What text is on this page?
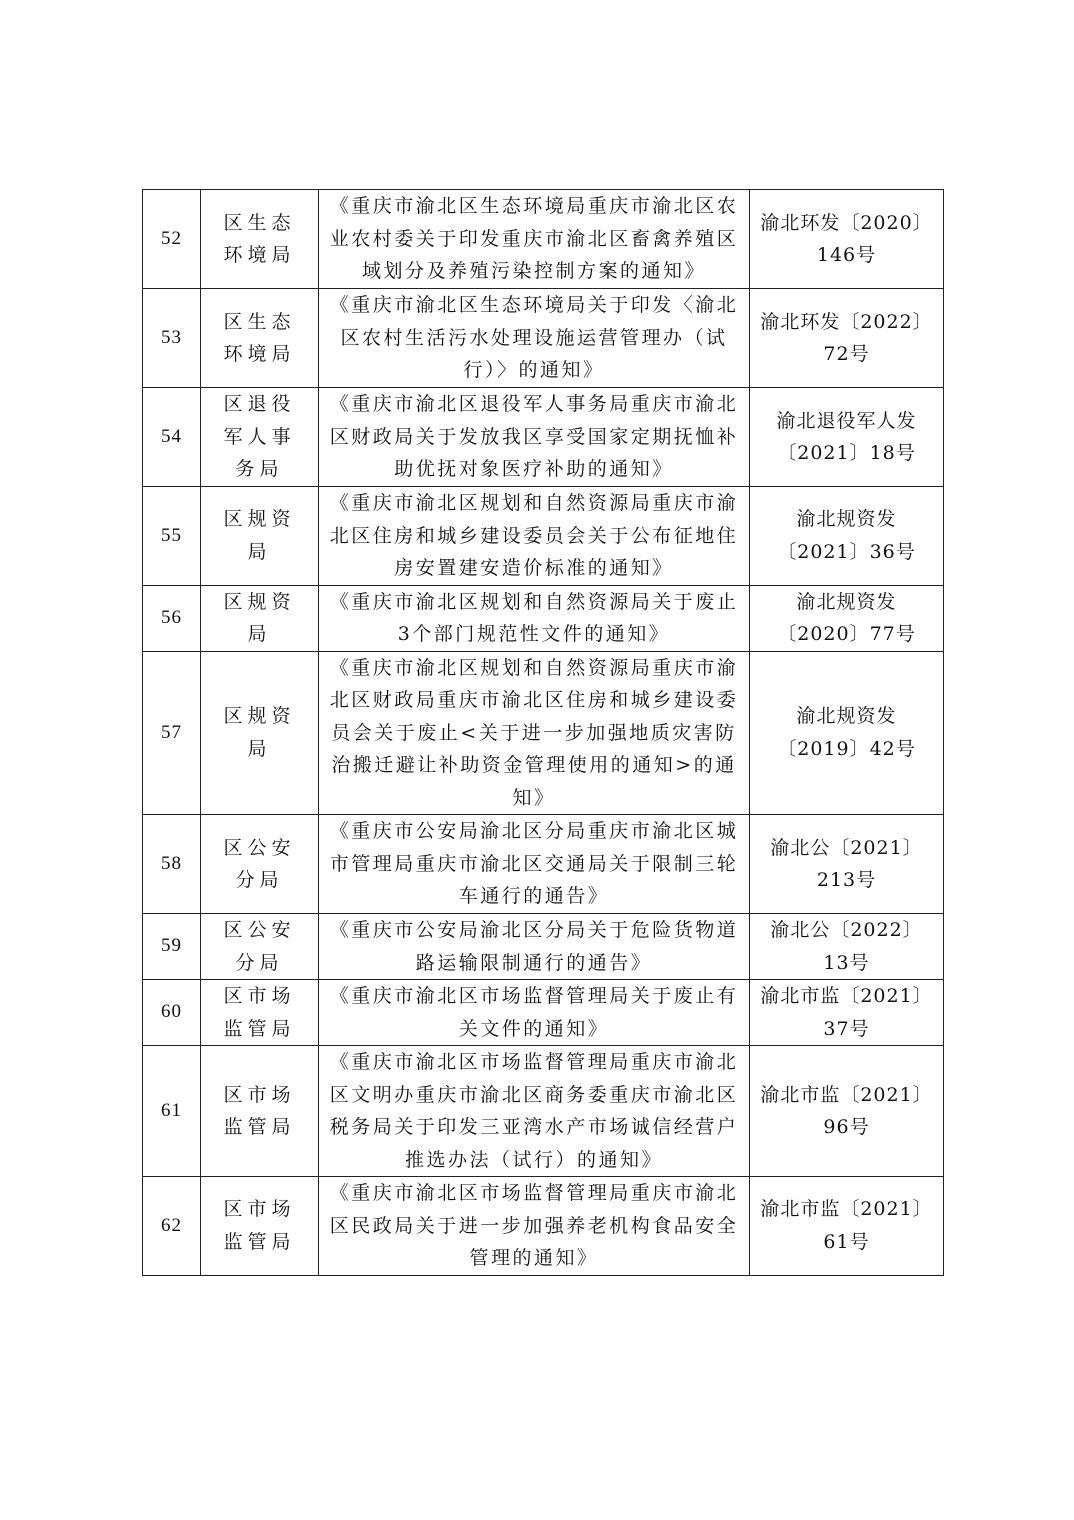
52	区生态环境局	《重庆市渝北区生态环境局重庆市渝北区农业农村委关于印发重庆市渝北区畜禽养殖区域划分及养殖污染控制方案的通知》	渝北环发〔2020〕146号
53	区生态环境局	《重庆市渝北区生态环境局关于印发〈渝北区农村生活污水处理设施运营管理办（试行）〉的通知》	渝北环发〔2022〕72号
54	区退役军人事务局	《重庆市渝北区退役军人事务局重庆市渝北区财政局关于发放我区享受国家定期抚恤补助优抚对象医疗补助的通知》	渝北退役军人发〔2021〕18号
55	区规资局	《重庆市渝北区规划和自然资源局重庆市渝北区住房和城乡建设委员会关于公布征地住房安置建安造价标准的通知》	渝北规资发〔2021〕36号
56	区规资局	《重庆市渝北区规划和自然资源局关于废止3个部门规范性文件的通知》	渝北规资发〔2020〕77号
57	区规资局	《重庆市渝北区规划和自然资源局重庆市渝北区财政局重庆市渝北区住房和城乡建设委员会关于废止<关于进一步加强地质灾害防治搬迁避让补助资金管理使用的通知>的通知》	渝北规资发〔2019〕42号
58	区公安分局	《重庆市公安局渝北区分局重庆市渝北区城市管理局重庆市渝北区交通局关于限制三轮车通行的通告》	渝北公〔2021〕213号
59	区公安分局	《重庆市公安局渝北区分局关于危险货物道路运输限制通行的通告》	渝北公〔2022〕13号
60	区市场监管局	《重庆市渝北区市场监督管理局关于废止有关文件的通知》	渝北市监〔2021〕37号
61	区市场监管局	《重庆市渝北区市场监督管理局重庆市渝北区文明办重庆市渝北区商务委重庆市渝北区税务局关于印发三亚湾水产市场诚信经营户推选办法（试行）的通知》	渝北市监〔2021〕96号
62	区市场监管局	《重庆市渝北区市场监督管理局重庆市渝北区民政局关于进一步加强养老机构食品安全管理的通知》	渝北市监〔2021〕61号
